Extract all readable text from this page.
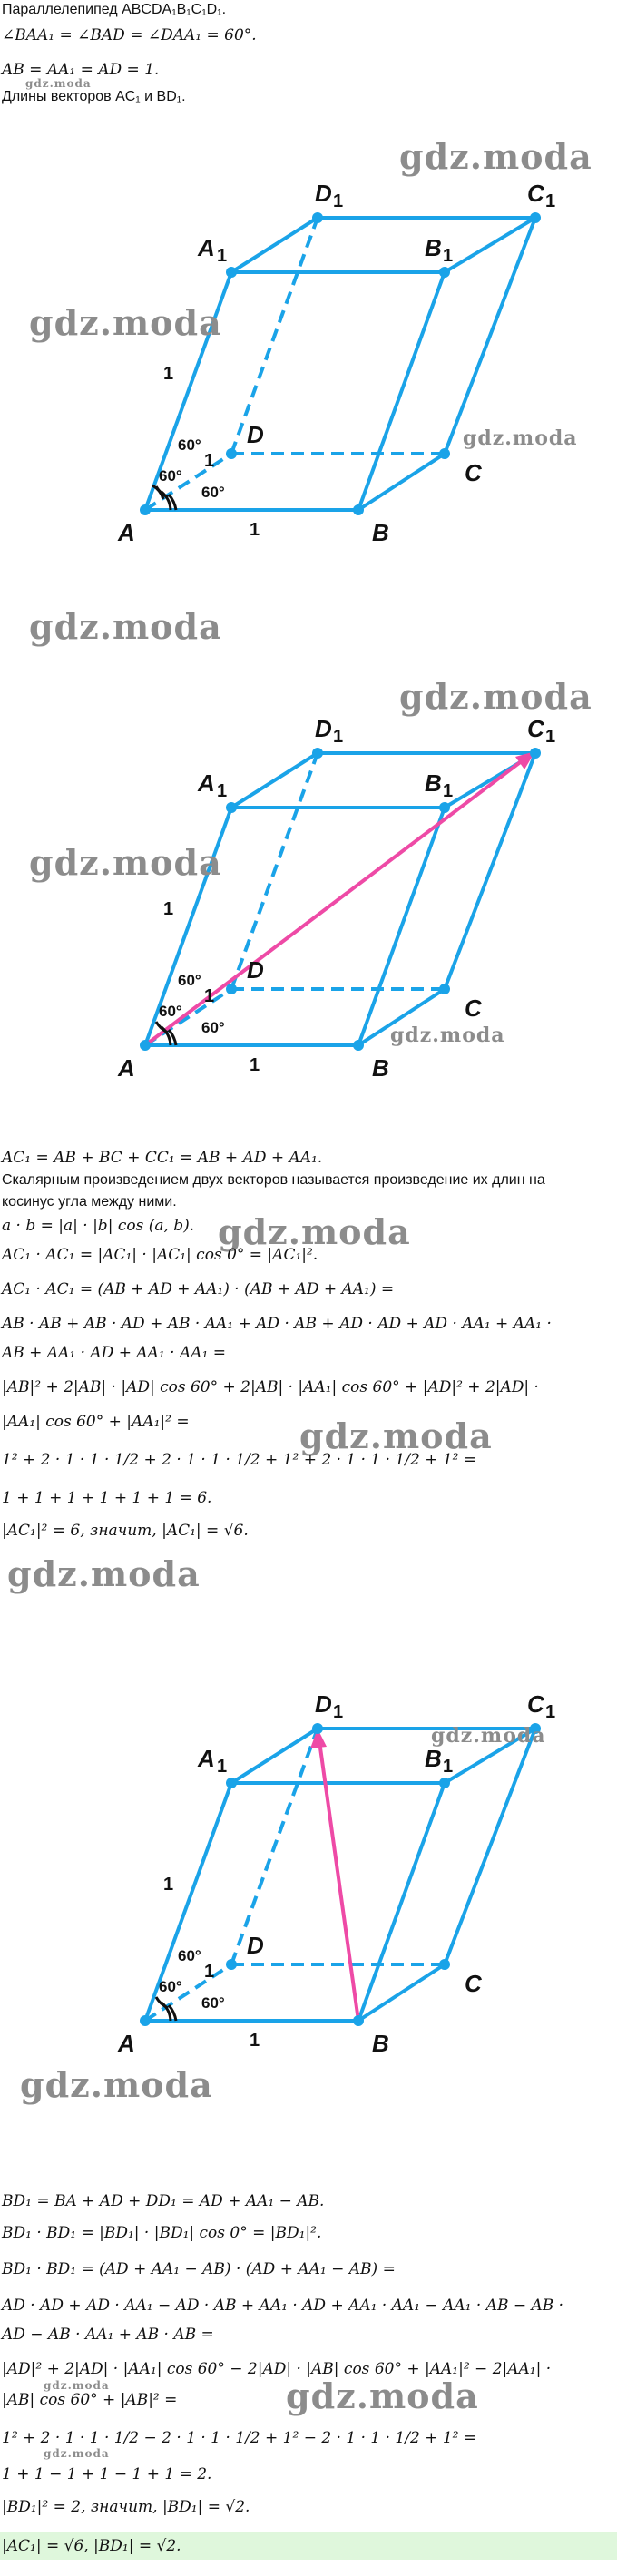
Параллелепипед ABCDA₁B₁C₁D₁.
∠BAA₁ = ∠BAD = ∠DAA₁ = 60°.
AB = AA₁ = AD = 1.
gdz.moda
Длины векторов AC₁ и BD₁.
60°
60°
60°
1
1
1
A	B
C
D
A 1	B 1
D 1	C 1
gdz.moda
gdz.moda
gdz.moda
gdz.moda
60°
60°
60°
1
1
1
A	B
C
D
A 1	B 1
D 1	C 1
gdz.moda
gdz.moda
gdz.moda
AC₁ = AB + BC + CC₁ = AB + AD + AA₁.
Скалярным произведением двух векторов называется произведение их длин на
косинус угла между ними.
a · b = |a| · |b| cos (a, b). gdz.moda
AC₁ · AC₁ = |AC₁| · |AC₁| cos 0° = |AC₁|².
AC₁ · AC₁ = (AB + AD + AA₁) · (AB + AD + AA₁) =
AB · AB + AB · AD + AB · AA₁ + AD · AB + AD · AD + AD · AA₁ + AA₁ ·
AB + AA₁ · AD + AA₁ · AA₁ =
|AB|² + 2|AB| · |AD| cos 60° + 2|AB| · |AA₁| cos 60° + |AD|² + 2|AD| ·
|AA₁| cos 60° + |AA₁|² =	gdz.moda
1² + 2 · 1 · 1 · 1/2 + 2 · 1 · 1 · 1/2 + 1² + 2 · 1 · 1 · 1/2 + 1² =
1 + 1 + 1 + 1 + 1 + 1 = 6.
|AC₁|² = 6, значит, |AC₁| = √6.
gdz.moda
60°
60°
60°
1
1
1
A	B
C
D
A 1	B 1
D 1	C 1
gdz.moda
gdz.moda
BD₁ = BA + AD + DD₁ = AD + AA₁ − AB.
BD₁ · BD₁ = |BD₁| · |BD₁| cos 0° = |BD₁|².
BD₁ · BD₁ = (AD + AA₁ − AB) · (AD + AA₁ − AB) =
AD · AD + AD · AA₁ − AD · AB + AA₁ · AD + AA₁ · AA₁ − AA₁ · AB − AB ·
AD − AB · AA₁ + AB · AB =
|AD|² + 2|AD| · |AA₁| cos 60° − 2|AD| · |AB| cos 60° + |AA₁|² − 2|AA₁| ·
gdz.moda
|AB| cos 60° + |AB|² =	gdz.moda
1² + 2 · 1 · 1 · 1/2 − 2 · 1 · 1 · 1/2 + 1² − 2 · 1 · 1 · 1/2 + 1² =
gdz.moda
1 + 1 − 1 + 1 − 1 + 1 = 2.
|BD₁|² = 2, значит, |BD₁| = √2.
|AC₁| = √6, |BD₁| = √2.
